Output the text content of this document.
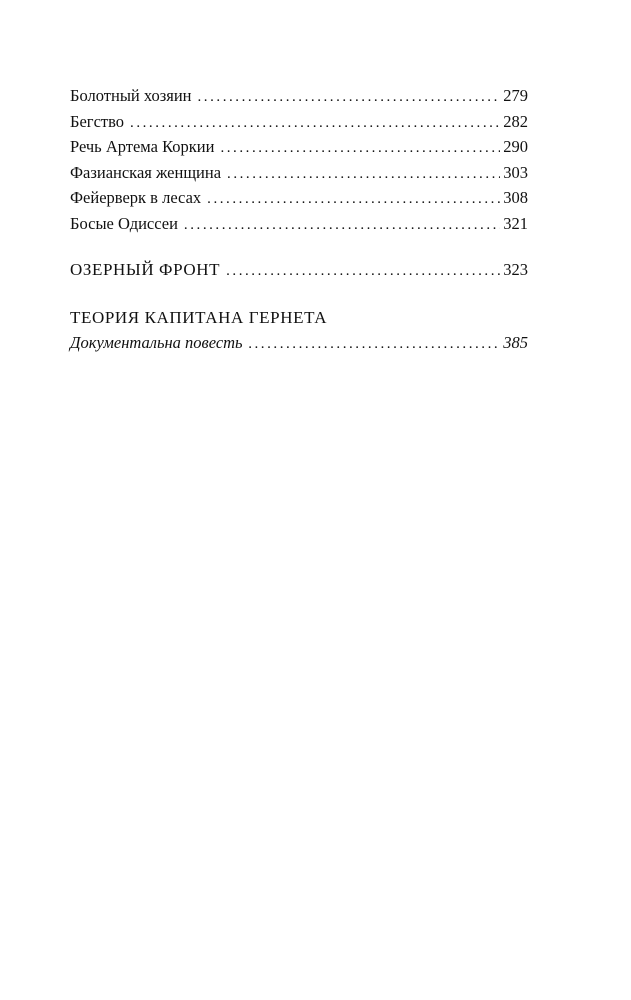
Болотный хозяин . . .	279
Бегство . . .	282
Речь Артема Коркии . . .	290
Фазианская женщина . . .	303
Фейерверк в лесах . . .	308
Босые Одиссеи . . .	321
ОЗЕРНЫЙ ФРОНТ . . .	323
ТЕОРИЯ КАПИТАНА ГЕРНЕТА
Документальна повесть . . .	385
